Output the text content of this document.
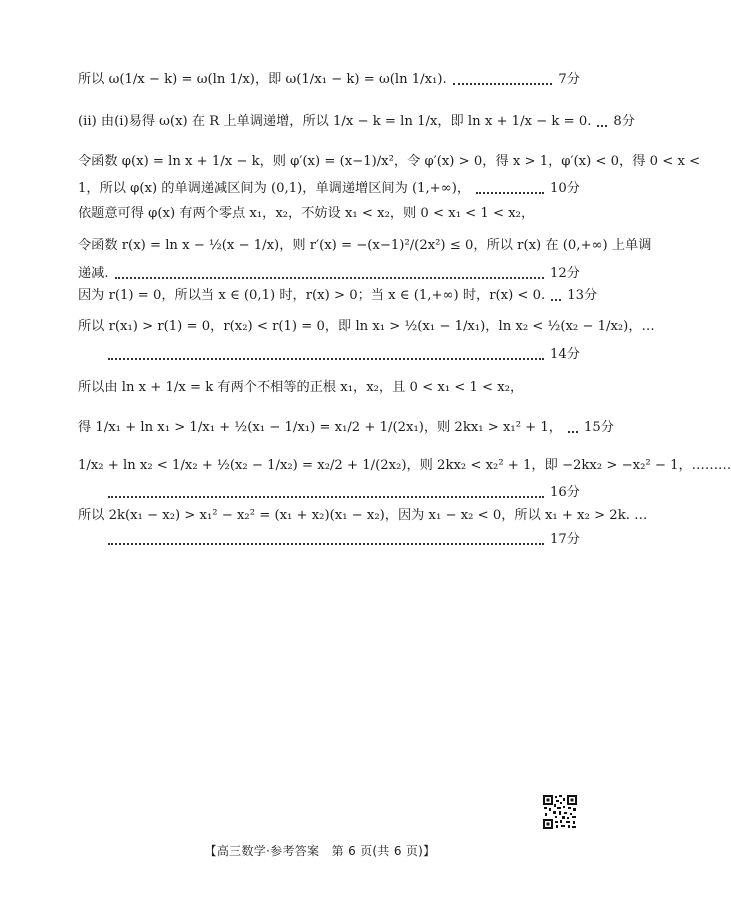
所以 ω(1/x − k) = ω(ln 1/x)，即 ω(1/x₁ − k) = ω(ln 1/x₁).	7分
(ii) 由(i)易得 ω(x) 在 R 上单调递增，所以 1/x − k = ln 1/x，即 ln x + 1/x − k = 0. 8分
令函数 φ(x) = ln x + 1/x − k，则 φ′(x) = (x−1)/x²，令 φ′(x) > 0，得 x > 1，φ′(x) < 0，得 0 < x <
1，所以 φ(x) 的单调递减区间为 (0,1)，单调递增区间为 (1,+∞)，	10分
依题意可得 φ(x) 有两个零点 x₁，x₂，不妨设 x₁ < x₂，则 0 < x₁ < 1 < x₂，
令函数 r(x) = ln x − ½(x − 1/x)，则 r′(x) = −(x−1)²/(2x²) ≤ 0，所以 r(x) 在 (0,+∞) 上单调
递减.	12分
因为 r(1) = 0，所以当 x ∈ (0,1) 时，r(x) > 0；当 x ∈ (1,+∞) 时，r(x) < 0. 13分
所以 r(x₁) > r(1) = 0，r(x₂) < r(1) = 0，即 ln x₁ > ½(x₁ − 1/x₁)，ln x₂ < ½(x₂ − 1/x₂)，…
14分
所以由 ln x + 1/x = k 有两个不相等的正根 x₁，x₂，且 0 < x₁ < 1 < x₂，
得 1/x₁ + ln x₁ > 1/x₁ + ½(x₁ − 1/x₁) = x₁/2 + 1/(2x₁)，则 2kx₁ > x₁² + 1， 15分
1/x₂ + ln x₂ < 1/x₂ + ½(x₂ − 1/x₂) = x₂/2 + 1/(2x₂)，则 2kx₂ < x₂² + 1，即 −2kx₂ > −x₂² − 1，………
16分
所以 2k(x₁ − x₂) > x₁² − x₂² = (x₁ + x₂)(x₁ − x₂)，因为 x₁ − x₂ < 0，所以 x₁ + x₂ > 2k. …
17分
【高三数学·参考答案　第 6 页(共 6 页)】
